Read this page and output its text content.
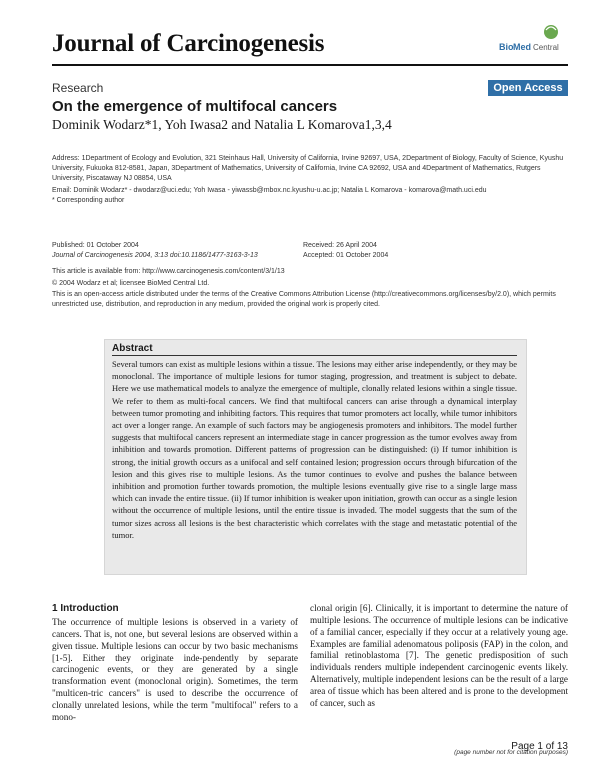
Journal of Carcinogenesis	Bio Med Central
Research	Open Access
On the emergence of multifocal cancers
Dominik Wodarz*1, Yoh Iwasa2 and Natalia L Komarova1,3,4
Address: 1Department of Ecology and Evolution, 321 Steinhaus Hall, University of California, Irvine 92697, USA, 2Department of Biology, Faculty of Science, Kyushu University, Fukuoka 812-8581, Japan, 3Department of Mathematics, University of California, Irvine CA 92692, USA and 4Department of Mathematics, Rutgers University, Piscataway NJ 08854, USA
Email: Dominik Wodarz* - dwodarz@uci.edu; Yoh Iwasa - yiwassb@mbox.nc.kyushu-u.ac.jp; Natalia L Komarova - komarova@math.uci.edu
* Corresponding author
Published: 01 October 2004	Received: 26 April 2004
Journal of Carcinogenesis 2004, 3:13 doi:10.1186/1477-3163-3-13	Accepted: 01 October 2004
This article is available from: http://www.carcinogenesis.com/content/3/1/13
© 2004 Wodarz et al; licensee BioMed Central Ltd.
This is an open-access article distributed under the terms of the Creative Commons Attribution License (http://creativecommons.org/licenses/by/2.0), which permits unrestricted use, distribution, and reproduction in any medium, provided the original work is properly cited.
Abstract
Several tumors can exist as multiple lesions within a tissue. The lesions may either arise independently, or they may be monoclonal. The importance of multiple lesions for tumor staging, progression, and treatment is subject to debate. Here we use mathematical models to analyze the emergence of multiple, clonally related lesions within a single tissue. We refer to them as multi-focal cancers. We find that multifocal cancers can arise through a dynamical interplay between tumor promoting and inhibiting factors. This requires that tumor promoters act locally, while tumor inhibitors act over a longer range. An example of such factors may be angiogenesis promoters and inhibitors. The model further suggests that multifocal cancers represent an intermediate stage in cancer progression as the tumor evolves away from inhibition and towards promotion. Different patterns of progression can be distinguished: (i) If tumor inhibition is strong, the initial growth occurs as a unifocal and self contained lesion; progression occurs through bifurcation of the lesion and this gives rise to multiple lesions. As the tumor continues to evolve and pushes the balance between inhibition and promotion further towards promotion, the multiple lesions eventually give rise to a single large mass which can invade the entire tissue. (ii) If tumor inhibition is weaker upon initiation, growth can occur as a single lesion without the occurrence of multiple lesions, until the entire tissue is invaded. The model suggests that the sum of the tumor sizes across all lesions is the best characteristic which correlates with the stage and metastatic potential of the tumor.
1 Introduction

The occurrence of multiple lesions is observed in a variety of cancers. That is, not one, but several lesions are observed within a given tissue. Multiple lesions can occur by two basic mechanisms [1-5]. Either they originate inde-pendently by separate carcinogenic events, or they are generated by a single transformation event (monoclonal origin). Sometimes, the term "multicen-tric cancers" is used to describe the occurrence of clonally unrelated lesions, while the term "multifocal" refers to a mono-

clonal origin [6]. Clinically, it is important to determine the nature of multiple lesions. The occurrence of multiple lesions can be indicative of a familial cancer, especially if they occur at a relatively young age. Examples are familial adenomatous poliposis (FAP) in the colon, and familial retinoblastoma [7]. The genetic predisposition of such individuals renders multiple independent carcinogenic events likely. Alternatively, multiple independent lesions can be the result of a large area of tissue which has been altered and is prone to the development of cancer, such as

Page 1 of 13
(page number not for citation purposes)
